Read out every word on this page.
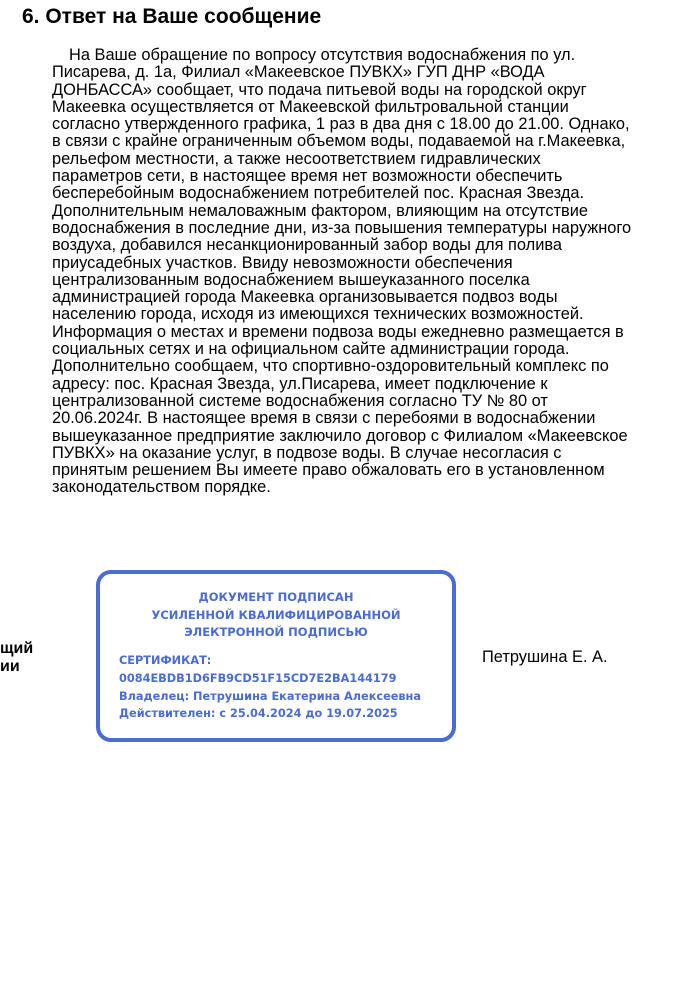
6. Ответ на Ваше сообщение

На Ваше обращение по вопросу отсутствия водоснабжения по ул. Писарева, д. 1а, Филиал «Макеевское ПУВКХ» ГУП ДНР «ВОДА ДОНБАССА» сообщает, что подача питьевой воды на городской округ Макеевка осуществляется от Макеевской фильтровальной станции согласно утвержденного графика, 1 раз в два дня с 18.00 до 21.00. Однако, в связи с крайне ограниченным объемом воды, подаваемой на г.Макеевка, рельефом местности, а также несоответствием гидравлических параметров сети, в настоящее время нет возможности обеспечить бесперебойным водоснабжением потребителей пос. Красная Звезда. Дополнительным немаловажным фактором, влияющим на отсутствие водоснабжения в последние дни, из-за повышения температуры наружного воздуха, добавился несанкционированный забор воды для полива приусадебных участков. Ввиду невозможности обеспечения централизованным водоснабжением вышеуказанного поселка администрацией города Макеевка организовывается подвоз воды населению города, исходя из имеющихся технических возможностей. Информация о местах и времени подвоза воды ежедневно размещается в социальных сетях и на официальном сайте администрации города. Дополнительно сообщаем, что спортивно-оздоровительный комплекс по адресу: пос. Красная Звезда, ул.Писарева, имеет подключение к централизованной системе водоснабжения согласно ТУ № 80 от 20.06.2024г. В настоящее время в связи с перебоями в водоснабжении вышеуказанное предприятие заключило договор с Филиалом «Макеевское ПУВКХ» на оказание услуг, в подвозе воды. В случае несогласия с принятым решением Вы имеете право обжаловать его в установленном законодательством порядке.

щий
ии
ДОКУМЕНТ ПОДПИСАН
УСИЛЕННОЙ КВАЛИФИЦИРОВАННОЙ
ЭЛЕКТРОННОЙ ПОДПИСЬЮ
СЕРТИФИКАТ:
0084EBDB1D6FB9CD51F15CD7E2BA144179
Владелец: Петрушина Екатерина Алексеевна
Действителен: с 25.04.2024 до 19.07.2025
Петрушина Е. А.
